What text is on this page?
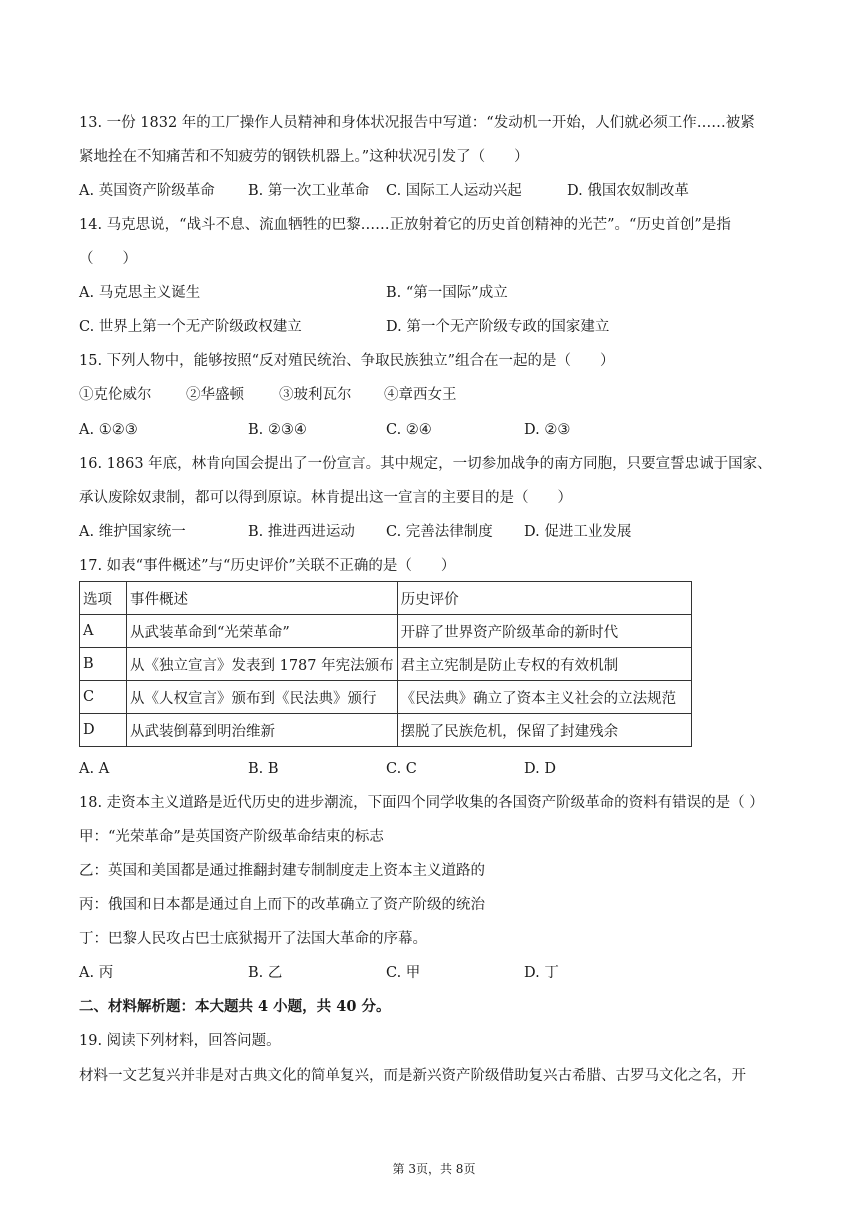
13. 一份 1832 年的工厂操作人员精神和身体状况报告中写道：“发动机一开始，人们就必须工作……被紧
紧地拴在不知痛苦和不知疲劳的钢铁机器上。”这种状况引发了（　　）
A. 英国资产阶级革命 B. 第一次工业革命 C. 国际工人运动兴起	D. 俄国农奴制改革
14. 马克思说，“战斗不息、流血牺牲的巴黎……正放射着它的历史首创精神的光芒”。“历史首创”是指
（　　）
A. 马克思主义诞生	B. “第一国际”成立
C. 世界上第一个无产阶级政权建立	D. 第一个无产阶级专政的国家建立
15. 下列人物中，能够按照“反对殖民统治、争取民族独立”组合在一起的是（　　）
①克伦威尔 ②华盛顿 ③玻利瓦尔 ④章西女王
A. ①②③	B. ②③④	C. ②④	D. ②③
16. 1863 年底，林肯向国会提出了一份宣言。其中规定，一切参加战争的南方同胞，只要宣誓忠诚于国家、
承认废除奴隶制，都可以得到原谅。林肯提出这一宣言的主要目的是（　　）
A. 维护国家统一	B. 推进西进运动 C. 完善法律制度 D. 促进工业发展
17. 如表“事件概述”与“历史评价”关联不正确的是（　　）
选项	事件概述	历史评价
A	从武装革命到“光荣革命”	开辟了世界资产阶级革命的新时代
B	从《独立宣言》发表到 1787 年宪法颁布	君主立宪制是防止专权的有效机制
C	从《人权宣言》颁布到《民法典》颁行	《民法典》确立了资本主义社会的立法规范
D	从武装倒幕到明治维新	摆脱了民族危机，保留了封建残余
A. A	B. B	C. C	D. D
18. 走资本主义道路是近代历史的进步潮流，下面四个同学收集的各国资产阶级革命的资料有错误的是（ ）
甲：“光荣革命”是英国资产阶级革命结束的标志
乙：英国和美国都是通过推翻封建专制制度走上资本主义道路的
丙：俄国和日本都是通过自上而下的改革确立了资产阶级的统治
丁：巴黎人民攻占巴士底狱揭开了法国大革命的序幕。
A. 丙	B. 乙	C. 甲	D. 丁
二、材料解析题：本大题共 4 小题，共 40 分。
19. 阅读下列材料，回答问题。
材料一文艺复兴并非是对古典文化的简单复兴，而是新兴资产阶级借助复兴古希腊、古罗马文化之名，开
第 3页，共 8页
